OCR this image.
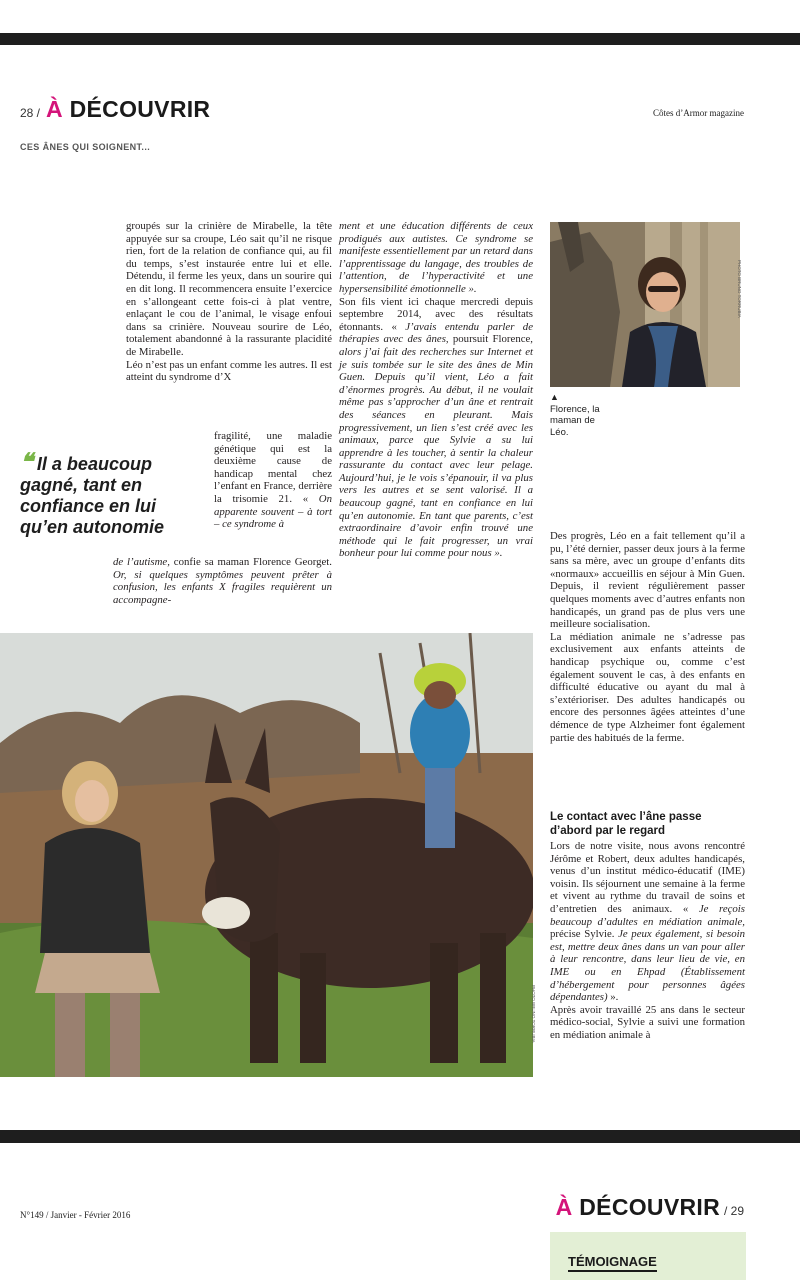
28 / À DÉCOUVRIR	Côtes d’Armor magazine
CES ÂNES QUI SOIGNENT...

groupés sur la crinière de Mirabelle, la tête appuyée sur sa croupe, Léo sait qu’il ne risque rien, fort de la relation de confiance qui, au fil du temps, s’est instaurée entre lui et elle. Détendu, il ferme les yeux, dans un sourire qui en dit long. Il recommencera ensuite l’exercice en s’allongeant cette fois-ci à plat ventre, enlaçant le cou de l’animal, le visage enfoui dans sa crinière. Nouveau sourire de Léo, totalement abandonné à la rassurante placidité de Mirabelle.

Léo n’est pas un enfant comme les autres. Il est atteint du syndrome d’X

fragilité, une maladie génétique qui est la deuxième cause de handicap mental chez l’enfant en France, derrière la trisomie 21. « On apparente souvent – à tort – ce syndrome à

de l’autisme, confie sa maman Florence Georget. Or, si quelques symptômes peuvent prêter à confusion, les enfants X fragiles requièrent un accompagne-

❝ Il a beaucoup gagné, tant en confiance en lui qu’en autonomie

ment et une éducation différents de ceux prodigués aux autistes. Ce syndrome se manifeste essentiellement par un retard dans l’apprentissage du langage, des troubles de l’attention, de l’hyperactivité et une hypersensibilité émotionnelle ».

Son fils vient ici chaque mercredi depuis septembre 2014, avec des résultats étonnants. « J’avais entendu parler de thérapies avec des ânes, poursuit Florence, alors j’ai fait des recherches sur Internet et je suis tombée sur le site des ânes de Min Guen. Depuis qu’il vient, Léo a fait d’énormes progrès. Au début, il ne voulait même pas s’approcher d’un âne et rentrait des séances en pleurant. Mais progressivement, un lien s’est créé avec les animaux, parce que Sylvie a su lui apprendre à les toucher, à sentir la chaleur rassurante du contact avec leur pelage. Aujourd’hui, je le vois s’épanouir, il va plus vers les autres et se sent valorisé. Il a beaucoup gagné, tant en confiance en lui qu’en autonomie. En tant que parents, c’est extraordinaire d’avoir enfin trouvé une méthode qui le fait progresser, un vrai bonheur pour lui comme pour nous ».

PHOTO BRUNO TORRUBIA
▲
Florence, la maman de Léo.

Des progrès, Léo en a fait tellement qu’il a pu, l’été dernier, passer deux jours à la ferme sans sa mère, avec un groupe d’enfants dits «normaux» accueillis en séjour à Min Guen. Depuis, il revient régulièrement passer quelques moments avec d’autres enfants non handicapés, un grand pas de plus vers une meilleure socialisation.

La médiation animale ne s’adresse pas exclusivement aux enfants atteints de handicap psychique ou, comme c’est également souvent le cas, à des enfants en difficulté éducative ou ayant du mal à s’extérioriser. Des adultes handicapés ou encore des personnes âgées atteintes d’une démence de type Alzheimer font également partie des habitués de la ferme.

Le contact avec l’âne passe d’abord par le regard

Lors de notre visite, nous avons rencontré Jérôme et Robert, deux adultes handicapés, venus d’un institut médico-éducatif (IME) voisin. Ils séjournent une semaine à la ferme et vivent au rythme du travail de soins et d’entretien des animaux. « Je reçois beaucoup d’adultes en médiation animale, précise Sylvie. Je peux également, si besoin est, mettre deux ânes dans un van pour aller à leur rencontre, dans leur lieu de vie, en IME ou en Ehpad (Établissement d’hébergement pour personnes âgées dépendantes) ».

Après avoir travaillé 25 ans dans le secteur médico-social, Sylvie a suivi une formation en médiation animale à

PHOTO BRUNO TORRUBIA
N°149 / Janvier - Février 2016	À DÉCOUVRIR / 29
TÉMOIGNAGE
